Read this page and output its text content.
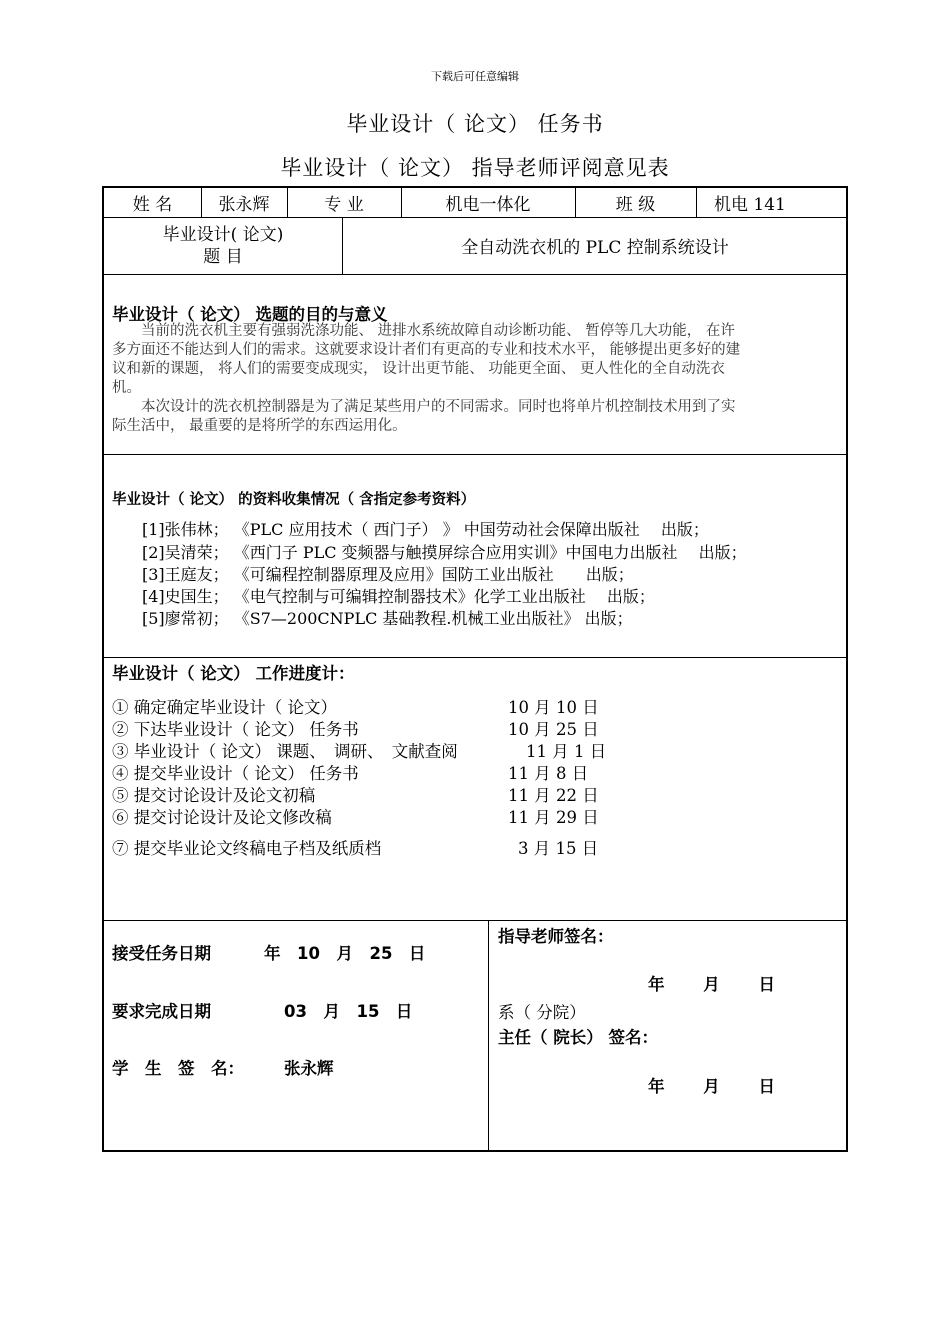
下载后可任意编辑
毕业设计（ 论文） 任务书
毕业设计（ 论文） 指导老师评阅意见表
姓 名	张永辉	专 业	机电一体化	班 级	机电 141
毕业设计( 论文)
题 目	全自动洗衣机的 PLC 控制系统设计
毕业设计（ 论文） 选题的目的与意义
　　当前的洗衣机主要有强弱洗涤功能、 进排水系统故障自动诊断功能、 暂停等几大功能， 在许
多方面还不能达到人们的需求。这就要求设计者们有更高的专业和技术水平， 能够提出更多好的建
议和新的课题， 将人们的需要变成现实， 设计出更节能、 功能更全面、 更人性化的全自动洗衣
机。
　　本次设计的洗衣机控制器是为了满足某些用户的不同需求。同时也将单片机控制技术用到了实
际生活中， 最重要的是将所学的东西运用化。
毕业设计（ 论文） 的资料收集情况（ 含指定参考资料）
[1]张伟林； 《PLC 应用技术（ 西门子） 》 中国劳动社会保障出版社　 出版；
[2]吴清荣； 《西门子 PLC 变频器与触摸屏综合应用实训》中国电力出版社　 出版；
[3]王庭友； 《可编程控制器原理及应用》国防工业出版社　　出版；
[4]史国生； 《电气控制与可编辑控制器技术》化学工业出版社　 出版；
[5]廖常初； 《S7—200CNPLC 基础教程.机械工业出版社》 出版；
毕业设计（ 论文） 工作进度计：
① 确定确定毕业设计（ 论文）	10 月 10 日
② 下达毕业设计（ 论文） 任务书	10 月 25 日
③ 毕业设计（ 论文） 课题、　调研、　文献查阅	11 月 1 日
④ 提交毕业设计（ 论文） 任务书	11 月 8 日
⑤ 提交讨论设计及论文初稿	11 月 22 日
⑥ 提交讨论设计及论文修改稿	11 月 29 日
⑦ 提交毕业论文终稿电子档及纸质档	3 月 15 日
接受任务日期	年　10　月　25　日
要求完成日期	03　月　15　日
学　生　签　名： 张永辉
指导老师签名：
年　　 月　　 日
系（ 分院）
主任（ 院长） 签名：
年　　 月　　 日
